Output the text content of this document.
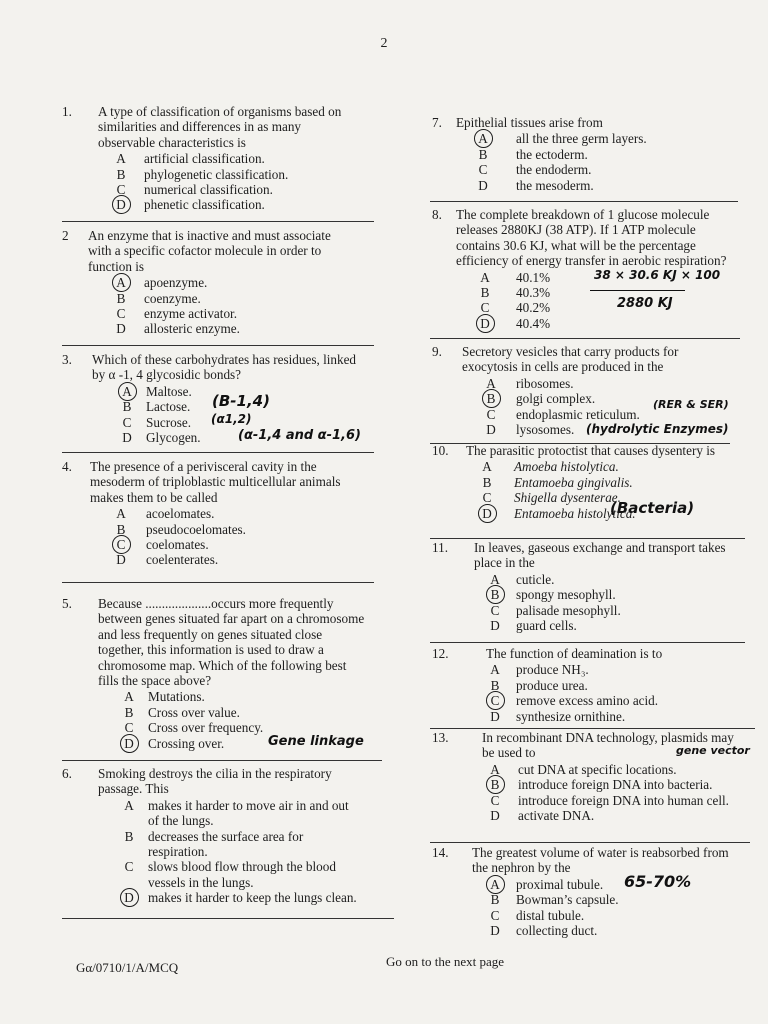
2
1. A type of classification of organisms based on
similarities and differences in as many
observable characteristics is
A	artificial classification.
B	phylogenetic classification.
C	numerical classification.
D	phenetic classification.
2 An enzyme that is inactive and must associate
with a specific cofactor molecule in order to
function is
A	apoenzyme.
B	coenzyme.
C	enzyme activator.
D	allosteric enzyme.
3. Which of these carbohydrates has residues, linked
by α -1, 4 glycosidic bonds?
A	Maltose.
B	Lactose.
C	Sucrose.
D	Glycogen.
4. The presence of a perivisceral cavity in the
mesoderm of triploblastic multicellular animals
makes them to be called
A	acoelomates.
B	pseudocoelomates.
C	coelomates.
D	coelenterates.
5. Because ....................occurs more frequently
between genes situated far apart on a chromosome
and less frequently on genes situated close
together, this information is used to draw a
chromosome map. Which of the following best
fills the space above?
A	Mutations.
B	Cross over value.
C	Cross over frequency.
D	Crossing over.
6. Smoking destroys the cilia in the respiratory
passage. This
A	makes it harder to move air in and out
of the lungs.
B	decreases the surface area for
respiration.
C	slows blood flow through the blood
vessels in the lungs.
D	makes it harder to keep the lungs clean.
7. Epithelial tissues arise from
A	all the three germ layers.
B	the ectoderm.
C	the endoderm.
D	the mesoderm.
8. The complete breakdown of 1 glucose molecule
releases 2880KJ (38 ATP). If 1 ATP molecule
contains 30.6 KJ, what will be the percentage
efficiency of energy transfer in aerobic respiration?
A	40.1%
B	40.3%
C	40.2%
D	40.4%
9. Secretory vesicles that carry products for
exocytosis in cells are produced in the
A	ribosomes.
B	golgi complex.
C	endoplasmic reticulum.
D	lysosomes.
10. The parasitic protoctist that causes dysentery is
A	Amoeba histolytica.
B	Entamoeba gingivalis.
C	Shigella dysenterae.
D	Entamoeba histolytica.
11. In leaves, gaseous exchange and transport takes
place in the
A	cuticle.
B	spongy mesophyll.
C	palisade mesophyll.
D	guard cells.
12.	The function of deamination is to
A	produce NH₃.
B	produce urea.
C	remove excess amino acid.
D	synthesize ornithine.
13.	In recombinant DNA technology, plasmids may
be used to
A	cut DNA at specific locations.
B	introduce foreign DNA into bacteria.
C	introduce foreign DNA into human cell.
D	activate DNA.
14. The greatest volume of water is reabsorbed from
the nephron by the
A	proximal tubule.
B	Bowman’s capsule.
C	distal tubule.
D	collecting duct.
(B-1,4)
(α1,2)
(α-1,4 and α-1,6)
Gene linkage
38 × 30.6 KJ × 100
2880 KJ
(RER & SER)
(hydrolytic Enzymes)
(Bacteria)
gene vector
65-70%
Gα/0710/1/A/MCQ	Go on to the next page
